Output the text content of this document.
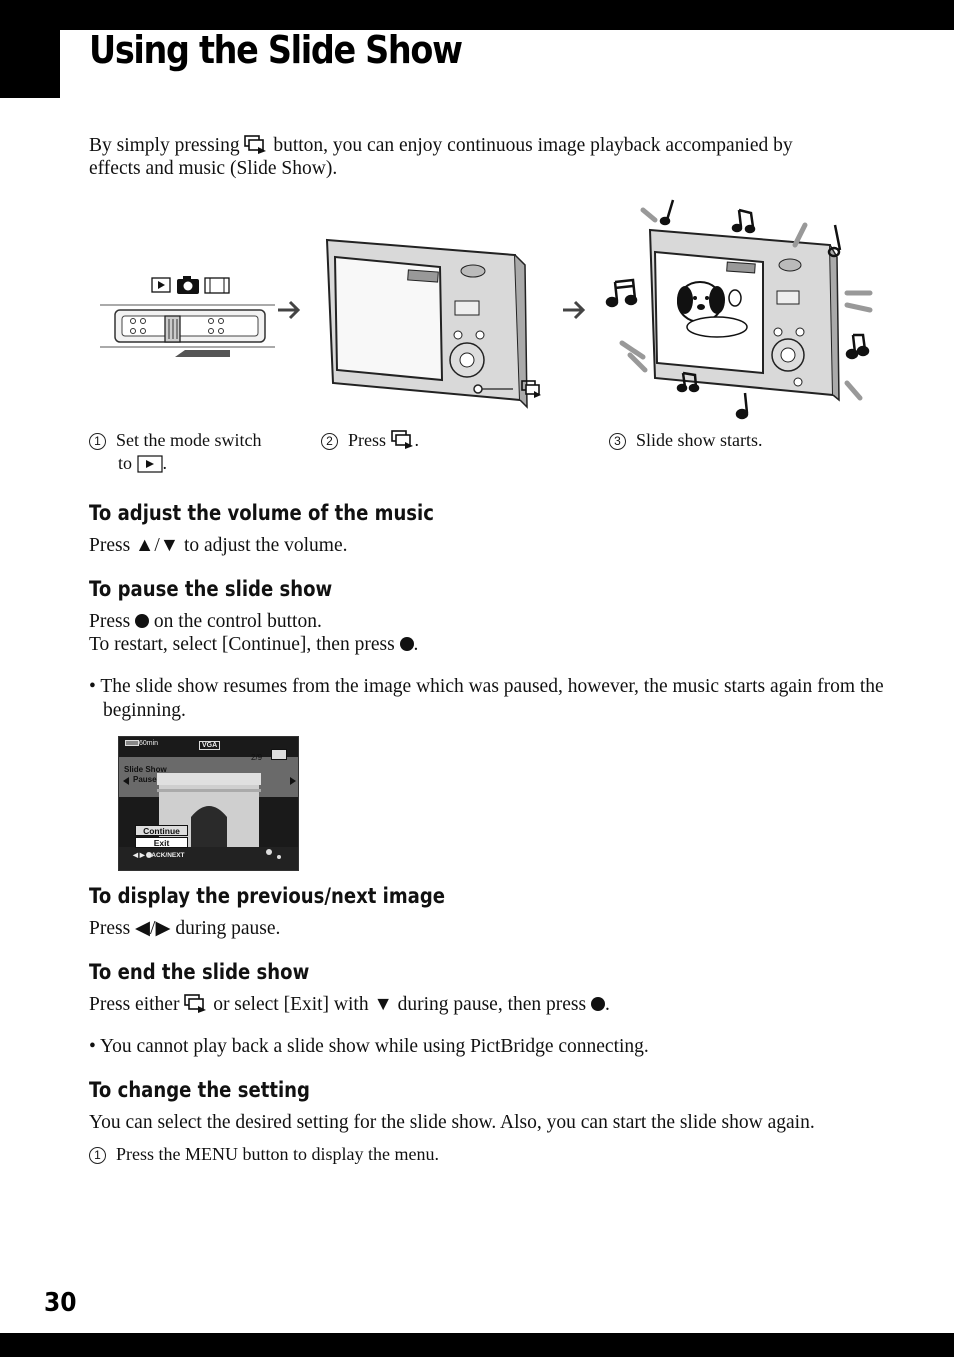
Using the Slide Show
By simply pressing button, you can enjoy continuous image playback accompanied by
effects and music (Slide Show).
1 Set the mode switch
to .
2 Press .	3 Slide show starts.
To adjust the volume of the music
Press ▲/▼ to adjust the volume.
To pause the slide show
Press on the control button.
To restart, select [Continue], then press .
• The slide show resumes from the image which was paused, however, the music starts again from the beginning.
60min	VGA
2/9
Slide Show
Pause
Continue
Exit
◀ ▶ BACK/NEXT
To display the previous/next image
Press ◀/▶ during pause.
To end the slide show
Press either or select [Exit] with ▼ during pause, then press .
• You cannot play back a slide show while using PictBridge connecting.
To change the setting
You can select the desired setting for the slide show. Also, you can start the slide show again.
1 Press the MENU button to display the menu.
30
